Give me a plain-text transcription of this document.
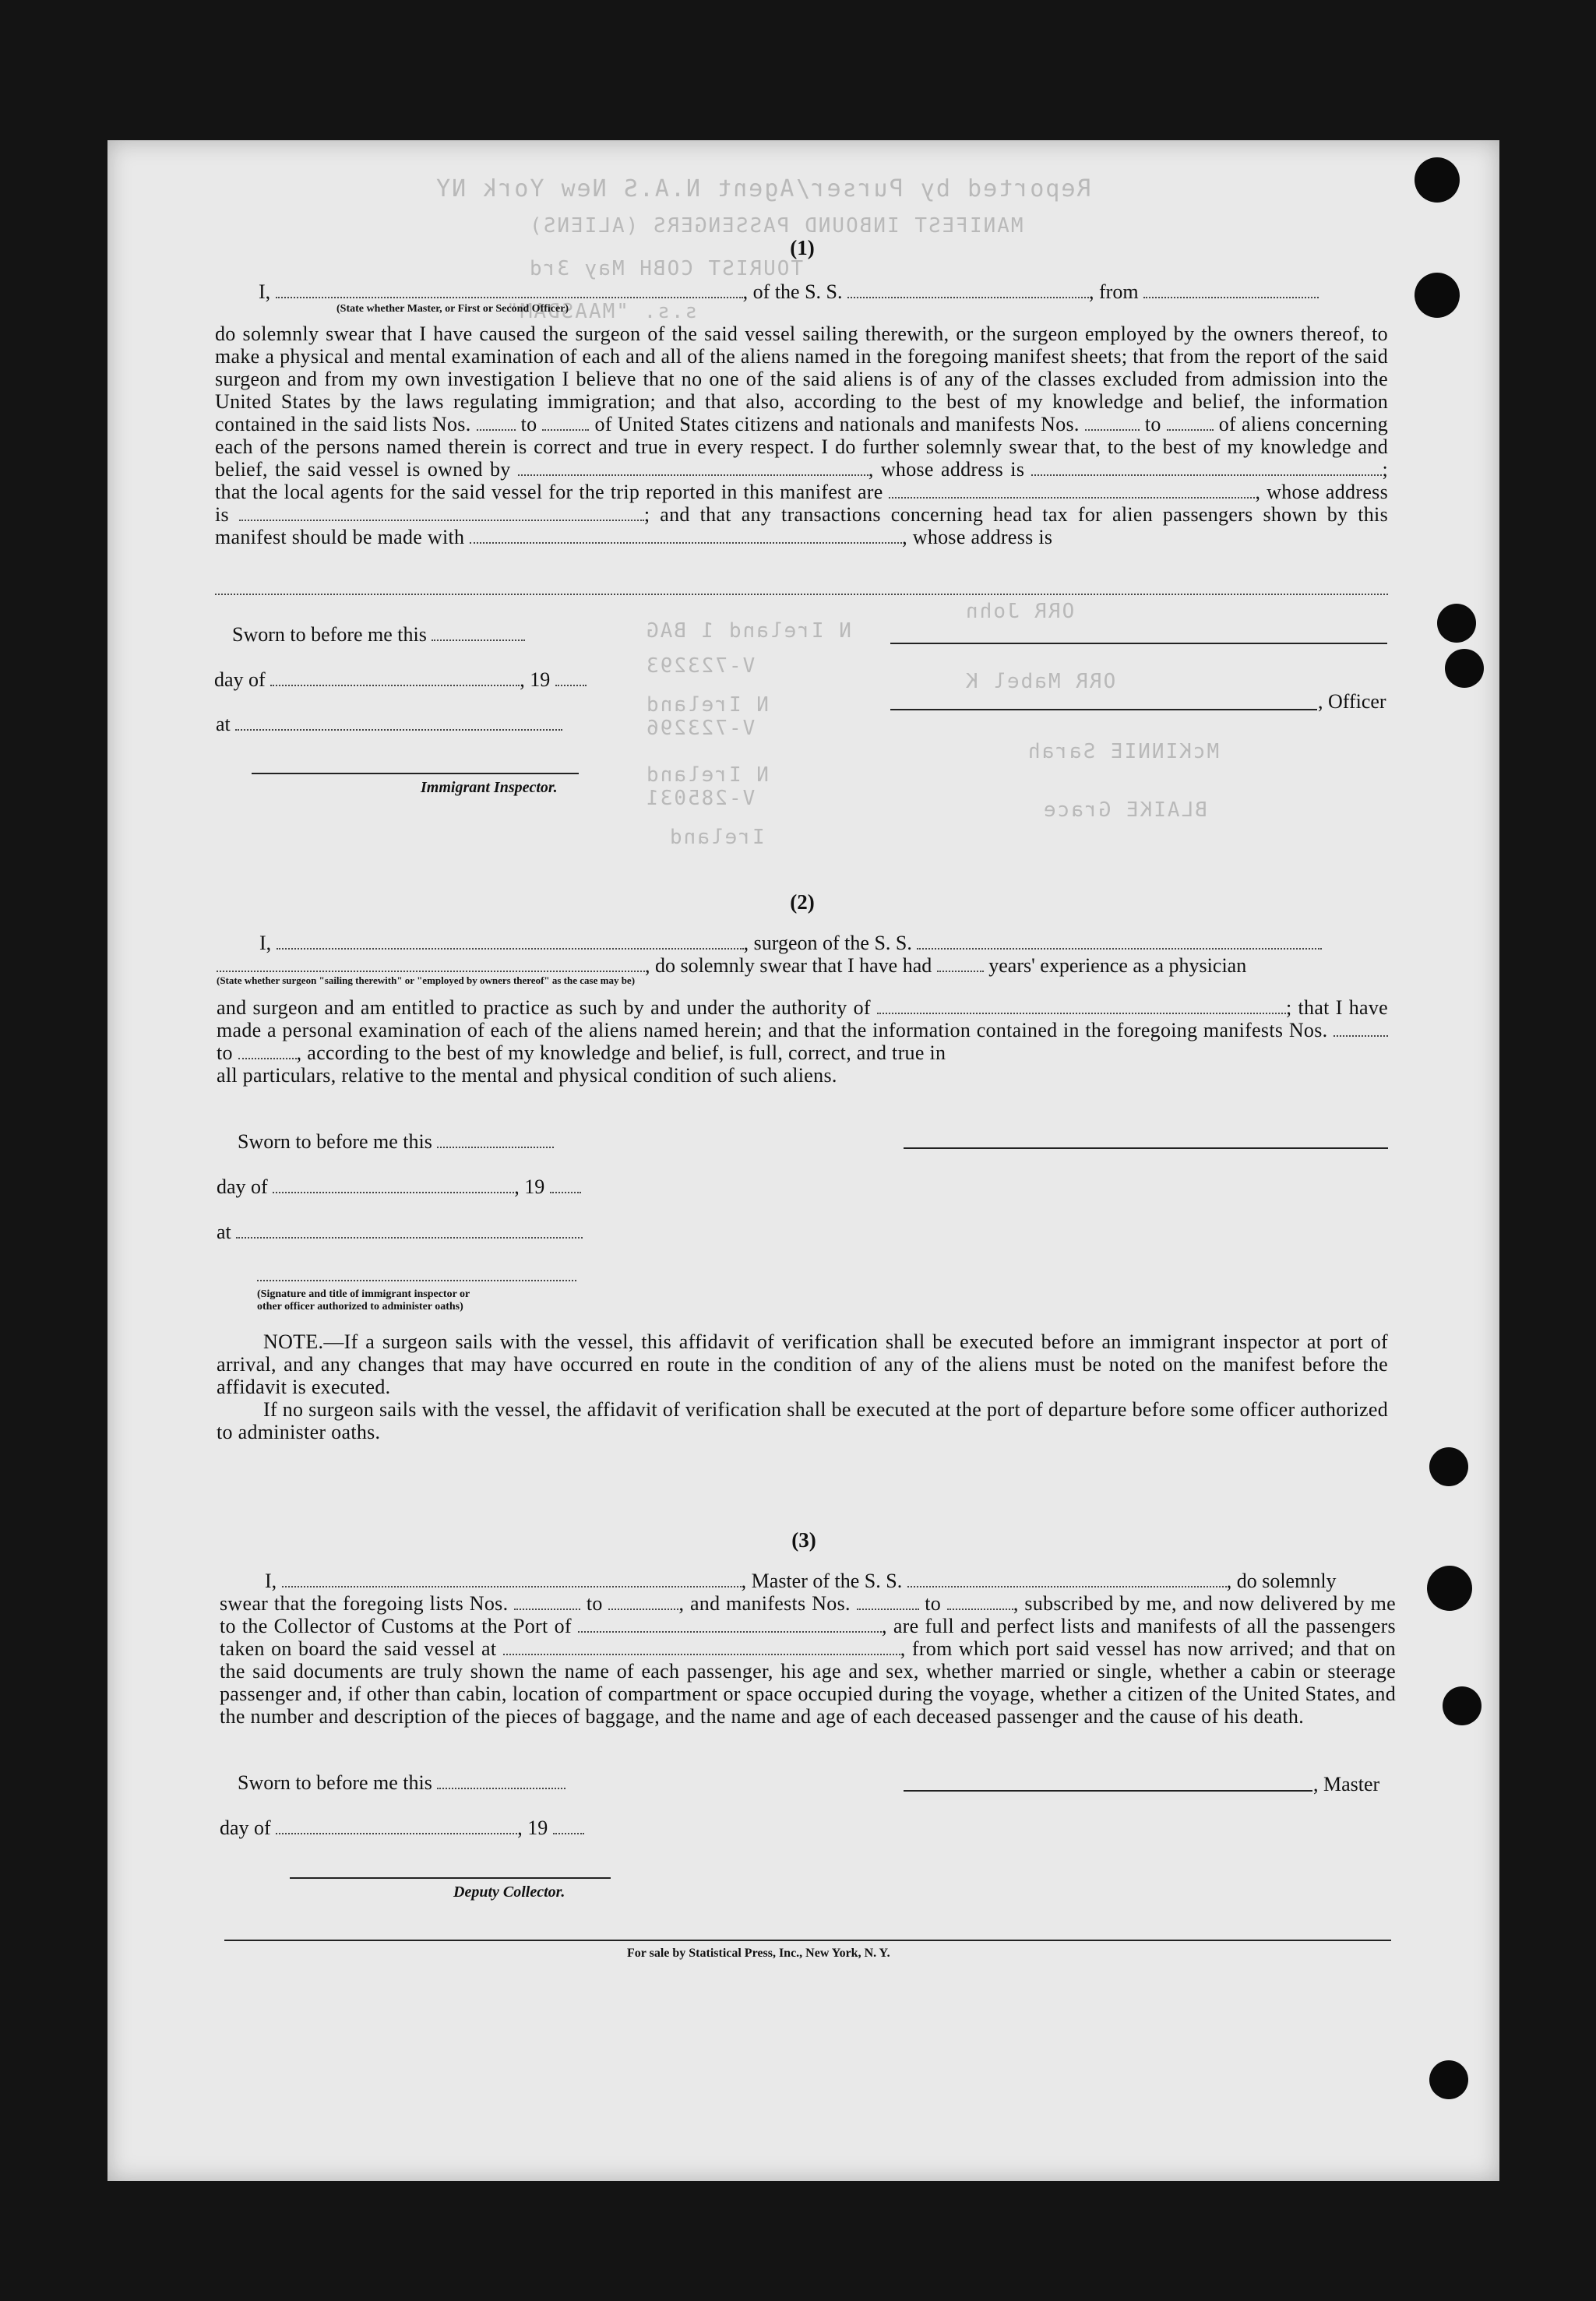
Reported by Purser/Agent N.A.S New York NY
MANIFEST INBOUND PASSENGERS (ALIENS)
TOURIST COBH May 3rd
s.s. "MAASDAM"
ORR John
N Ireland 1 BAG
V-723293
ORR Mabel K
N Ireland
V-723296
McKINNIE Sarah
N Ireland
V-285031	BLAIKE Grace
Ireland
(1)
I,	, of the S. S.	, from
(State whether Master, or First or Second Officer)

do solemnly swear that I have caused the surgeon of the said vessel sailing therewith, or the surgeon employed by the owners thereof, to make a physical and mental examination of each and all of the aliens named in the foregoing manifest sheets; that from the report of the said surgeon and from my own investigation I believe that no one of the said aliens is of any of the classes excluded from admission into the United States by the laws regulating immigration; and that also, according to the best of my knowledge and belief, the information contained in the said lists Nos. to	of United States citizens and nationals and manifests Nos.	to	of aliens concerning each of the persons named therein is correct and true in every respect. I do further solemnly swear that, to the best of my knowledge and belief, the said vessel is owned by	, whose address is	; that the local agents for the said vessel for the trip reported in this manifest are	, whose address is	; and that any transactions concerning head tax for alien passengers shown by this manifest should be made with	, whose address is

Sworn to before me this
day of	, 19
at
, Officer
Immigrant Inspector.
(2)
I,	, surgeon of the S. S.
, do solemnly swear that I have had	years' experience as a physician
(State whether surgeon "sailing therewith" or "employed by owners thereof" as the case may be)

and surgeon and am entitled to practice as such by and under the authority of	; that I have made a personal examination of each of the aliens named herein; and that the information contained in the foregoing manifests Nos.  to	, according to the best of my knowledge and belief, is full, correct, and true in

all particulars, relative to the mental and physical condition of such aliens.

Sworn to before me this
day of	, 19
at
(Signature and title of immigrant inspector or
other officer authorized to administer oaths)

NOTE.—If a surgeon sails with the vessel, this affidavit of verification shall be executed before an immigrant inspector at port of arrival, and any changes that may have occurred en route in the condition of any of the aliens must be noted on the manifest before the affidavit is executed.

If no surgeon sails with the vessel, the affidavit of verification shall be executed at the port of departure before some officer authorized to administer oaths.

(3)
I,	, Master of the S. S.	, do solemnly

swear that the foregoing lists Nos.	to	, and manifests Nos.	to	, subscribed by me, and now delivered by me to the Collector of Customs at the Port of	, are full and perfect lists and manifests of all the passengers taken on board the said vessel at	, from which port said vessel has now arrived; and that on the said documents are truly shown the name of each passenger, his age and sex, whether married or single, whether a cabin or steerage passenger and, if other than cabin, location of compartment or space occupied during the voyage, whether a citizen of the United States, and the number and description of the pieces of baggage, and the name and age of each deceased passenger and the cause of his death.

Sworn to before me this	, Master
day of	, 19
Deputy Collector.
For sale by Statistical Press, Inc., New York, N. Y.
